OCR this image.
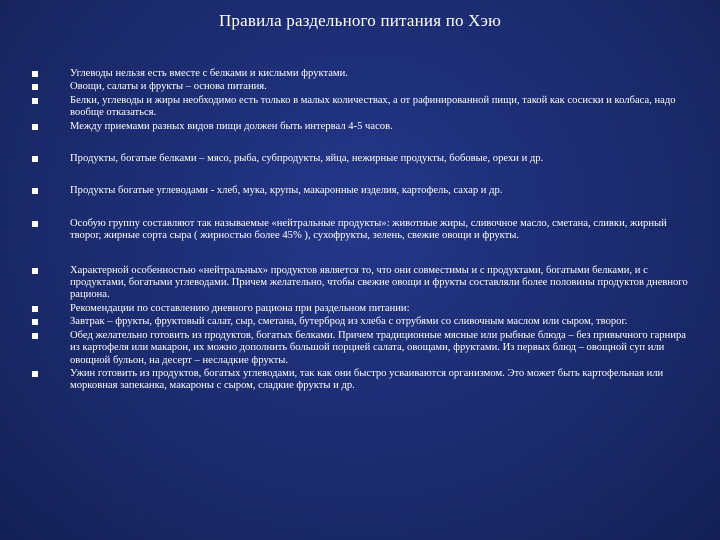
Правила раздельного питания по Хэю
Углеводы нельзя есть вместе с белками и кислыми фруктами.
Овощи, салаты и фрукты – основа питания.
Белки, углеводы и жиры необходимо есть только в малых количествах, а от рафинированной пищи, такой как сосиски и колбаса, надо вообще отказаться.
Между приемами разных видов пищи должен быть интервал 4-5 часов.
Продукты, богатые белками – мясо, рыба, субпродукты, яйца, нежирные продукты, бобовые, орехи и др.
Продукты богатые углеводами - хлеб, мука, крупы, макаронные изделия, картофель, сахар и др.
Особую группу составляют так называемые «нейтральные продукты»: животные жиры, сливочное масло, сметана, сливки, жирный творог, жирные сорта сыра ( жирностью более 45% ), сухофрукты, зелень, свежие овощи и фрукты.
Характерной особенностью «нейтральных» продуктов является то, что они совместимы и с продуктами, богатыми белками, и с продуктами, богатыми углеводами. Причем желательно, чтобы свежие овощи и фрукты составляли более половины продуктов дневного рациона.
Рекомендации по составлению дневного рациона при раздельном питании:
Завтрак – фрукты, фруктовый салат, сыр, сметана, бутерброд из хлеба с отрубями со сливочным маслом или сыром, творог.
Обед желательно готовить из продуктов, богатых белками. Причем традиционные мясные или рыбные блюда – без привычного гарнира из картофеля или макарон, их можно дополнить большой порцией салата, овощами, фруктами. Из первых блюд – овощной суп или овощной бульон, на десерт – несладкие фрукты.
Ужин готовить из продуктов, богатых углеводами, так как они быстро усваиваются организмом. Это может быть картофельная или морковная запеканка, макароны с сыром, сладкие фрукты и др.
